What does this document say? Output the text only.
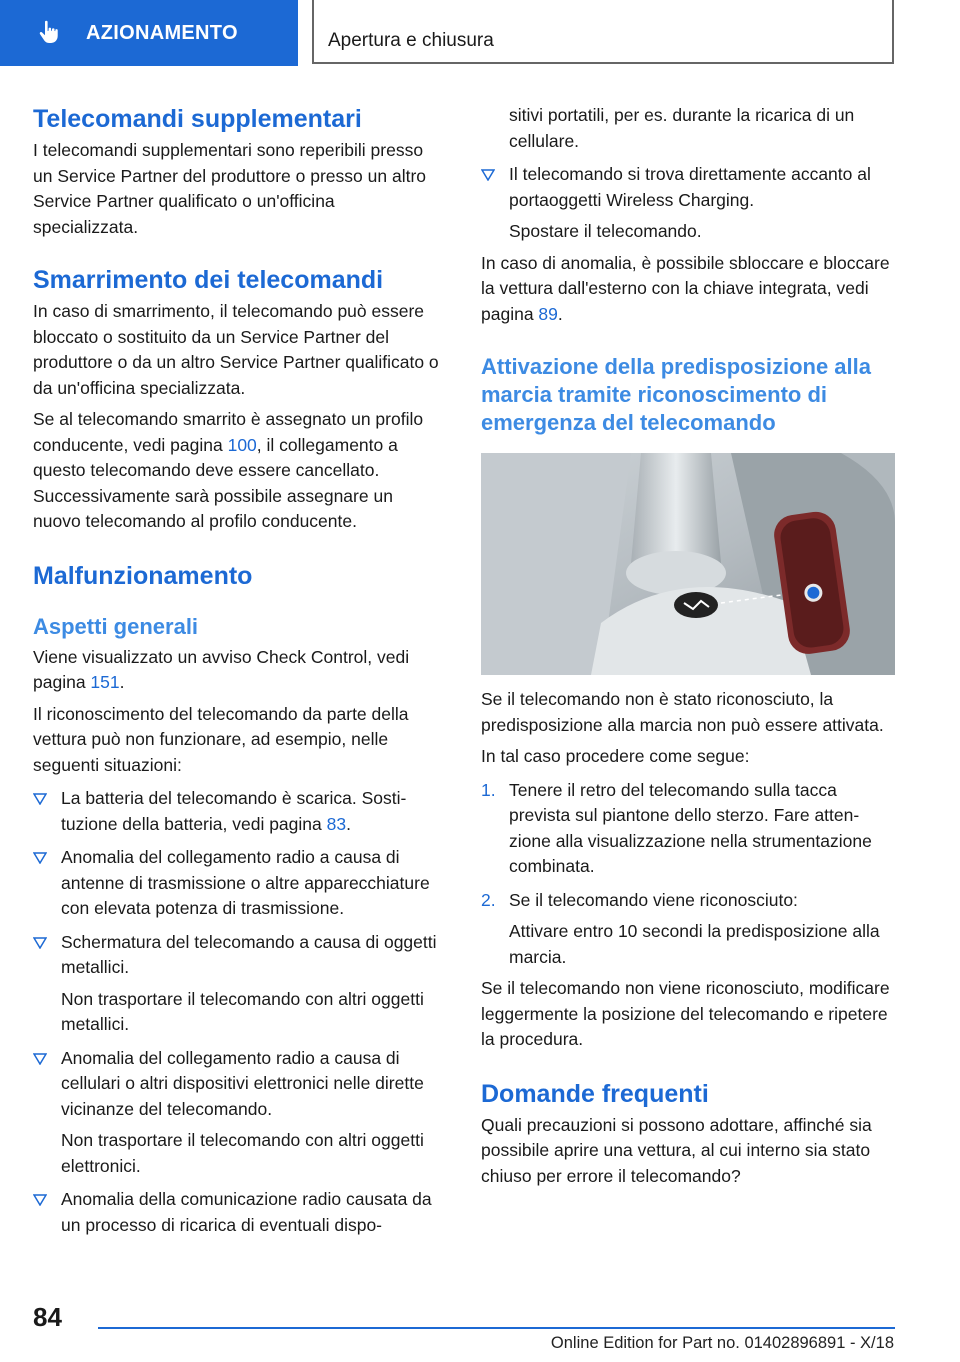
AZIONAMENTO	Apertura e chiusura
Telecomandi supplementari

I telecomandi supplementari sono reperibili presso un Service Partner del produttore o presso un altro Service Partner qualificato o un'officina specializzata.

Smarrimento dei telecomandi

In caso di smarrimento, il telecomando può essere bloccato o sostituito da un Service Partner del produttore o da un altro Service Partner qualificato o da un'officina specializzata.

Se al telecomando smarrito è assegnato un profilo conducente, vedi pagina 100, il collegamento a questo telecomando deve essere cancellato. Successivamente sarà possibile assegnare un nuovo telecomando al profilo conducente.

Malfunzionamento
Aspetti generali

Viene visualizzato un avviso Check Control, vedi pagina 151.

Il riconoscimento del telecomando da parte della vettura può non funzionare, ad esempio, nelle seguenti situazioni:

La batteria del telecomando è scarica. Sostituzione della batteria, vedi pagina 83.
Anomalia del collegamento radio a causa di antenne di trasmissione o altre apparecchiature con elevata potenza di trasmissione.
Schermatura del telecomando a causa di oggetti metallici.
Non trasportare il telecomando con altri oggetti metallici.
Anomalia del collegamento radio a causa di cellulari o altri dispositivi elettronici nelle dirette vicinanze del telecomando.
Non trasportare il telecomando con altri oggetti elettronici.
Anomalia della comunicazione radio causata da un processo di ricarica di eventuali dispo-
sitivi portatili, per es. durante la ricarica di un cellulare.
Il telecomando si trova direttamente accanto al portaoggetti Wireless Charging.
Spostare il telecomando.

In caso di anomalia, è possibile sbloccare e bloccare la vettura dall'esterno con la chiave integrata, vedi pagina 89.

Attivazione della predisposizione alla marcia tramite riconoscimento di emergenza del telecomando

Se il telecomando non è stato riconosciuto, la predisposizione alla marcia non può essere attivata.

In tal caso procedere come segue:

1. Tenere il retro del telecomando sulla tacca prevista sul piantone dello sterzo. Fare attenzione alla visualizzazione nella strumentazione combinata.
2. Se il telecomando viene riconosciuto:
Attivare entro 10 secondi la predisposizione alla marcia.

Se il telecomando non viene riconosciuto, modificare leggermente la posizione del telecomando e ripetere la procedura.

Domande frequenti

Quali precauzioni si possono adottare, affinché sia possibile aprire una vettura, al cui interno sia stato chiuso per errore il telecomando?

84
Online Edition for Part no. 01402896891 - X/18
